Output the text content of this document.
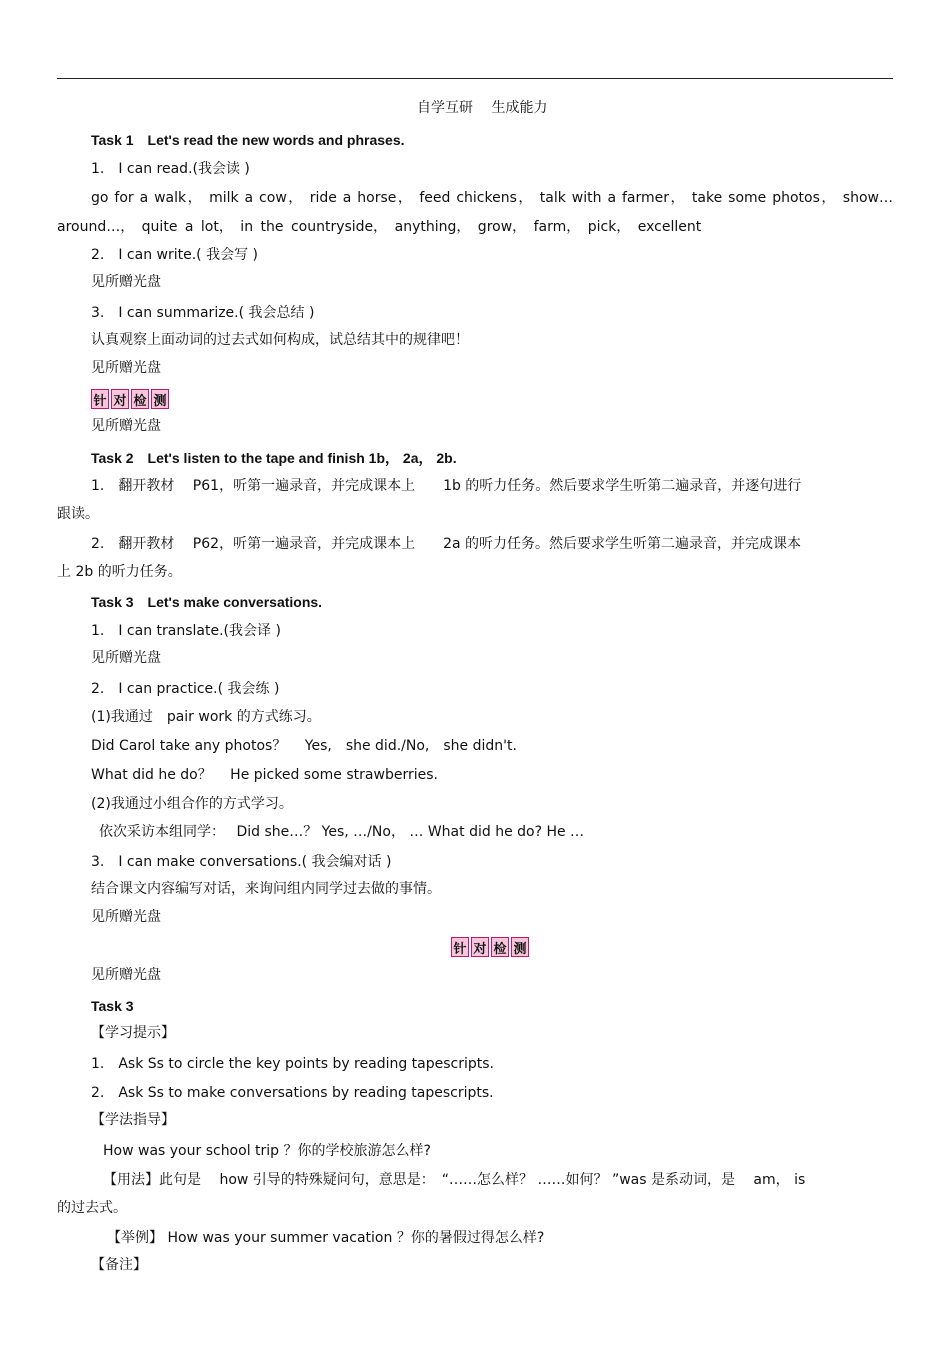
自学互研　 生成能力
Task 1　Let's read the new words and phrases.
1.　I can read.(我会读 )
go for a walk， milk a cow， ride a horse， feed chickens， talk with a farmer， take some photos， show…
around…， quite a lot， in the countryside， anything， grow， farm， pick， excellent
2.　I can write.( 我会写 )
见所赠光盘
3.　I can summarize.( 我会总结 )
认真观察上面动词的过去式如何构成，试总结其中的规律吧！
见所赠光盘
针 对 检 测
见所赠光盘
Task 2　Let's listen to the tape and finish 1b， 2a， 2b.
1.　翻开教材　 P61，听第一遍录音，并完成课本上　　1b 的听力任务。然后要求学生听第二遍录音，并逐句进行
跟读。
2.　翻开教材　 P62，听第一遍录音，并完成课本上　　2a 的听力任务。然后要求学生听第二遍录音，并完成课本
上 2b 的听力任务。
Task 3　Let's make conversations.
1.　I can translate.(我会译 )
见所赠光盘
2.　I can practice.( 我会练 )
(1)我通过　pair work 的方式练习。
Did Carol take any photos？　 Yes,　she did./No,　she didn't.
What did he do？　 He picked some strawberries.
(2)我通过小组合作的方式学习。
依次采访本组同学：　 Did she…？ Yes, …/No， … What did he do? He …
3.　I can make conversations.( 我会编对话 )
结合课文内容编写对话，来询问组内同学过去做的事情。
见所赠光盘
针 对 检 测
见所赠光盘
Task 3
【学习提示】
1.　Ask Ss to circle the key points by reading tapescripts.
2.　Ask Ss to make conversations by reading tapescripts.
【学法指导】
How was your school trip ？你的学校旅游怎么样?
【用法】此句是　 how 引导的特殊疑问句，意思是：　“……怎么样？ ……如何？ ”was 是系动词，是　 am， is
的过去式。
【举例】 How was your summer vacation ？你的暑假过得怎么样?
【备注】
